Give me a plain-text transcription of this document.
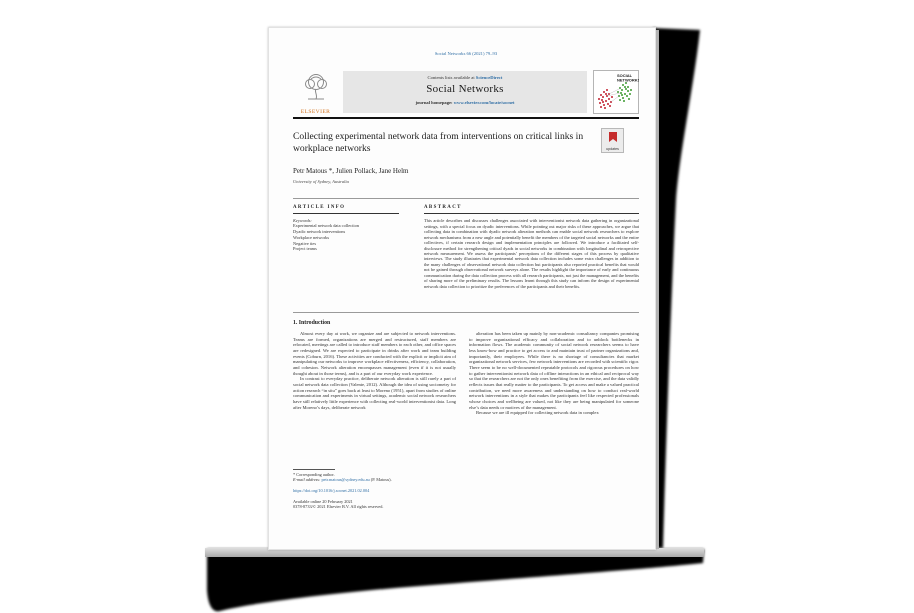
Social Networks 66 (2021) 79–93
ELSEVIER
Contents lists available at ScienceDirect
Social Networks
journal homepage: www.elsevier.com/locate/socnet
SOCIAL
NETWORKS
Collecting experimental network data from interventions on critical links in workplace networks	updates
Petr Matous *, Julien Pollack, Jane Helm
University of Sydney, Australia
ARTICLE INFO
Keywords:
Experimental network data collection
Dyadic network interventions
Workplace networks
Negative ties
Project teams
ABSTRACT
This article describes and discusses challenges associated with interventionist network data gathering in organizational settings, with a special focus on dyadic interventions. While pointing out major risks of these approaches, we argue that collecting data in combination with dyadic network alteration methods can enable social network researchers to explore network mechanisms from a new angle and potentially benefit the members of the targeted social networks and the entire collectives, if certain research design and implementation principles are followed. We introduce a facilitated self-disclosure method for strengthening critical dyads in social networks in combination with longitudinal and retrospective network measurement. We assess the participants’ perceptions of the different stages of this process by qualitative interviews. The study illustrates that experimental network data collection includes some extra challenges in addition to the many challenges of observational network data collection but participants also reported practical benefits that would not be gained through observational network surveys alone. The results highlight the importance of early and continuous communication during the data collection process with all research participants, not just the management, and the benefits of sharing more of the preliminary results. The lessons learnt through this study can inform the design of experimental network data collection to prioritize the preferences of the participants and their benefits.
1. Introduction

Almost every day at work, we organize and are subjected to network interventions. Teams are formed, organizations are merged and restructured, staff members are relocated, meetings are called to introduce staff members to each other, and office spaces are redesigned. We are expected to participate in drinks after work and team building events (Coburn, 2016). These activities are conducted with the explicit or implicit aim of manipulating our networks to improve workplace effectiveness, efficiency, collaboration, and cohesion. Network alteration encompasses management (even if it is not usually thought about in those terms), and is a part of our everyday work experience.

In contrast to everyday practice, deliberate network alteration is still rarely a part of social network data collection (Valente, 2012). Although the idea of using sociometry for action research “in situ” goes back at least to Moreno (1951), apart from studies of online communication and experiments in virtual settings, academic social network researchers have still relatively little experience with collecting real-world interventionist data. Long after Moreno’s days, deliberate network

alteration has been taken up mainly by non-academic consultancy companies promising to improve organizational efficacy and collaboration and to unblock bottlenecks in information flows. The academic community of social network researchers seems to have less know-how and practice to get access to and maintain trust of partner organizations and, importantly, their employees. While there is no shortage of consultancies that market organizational network services, few network interventions are recorded with scientific rigor. There seem to be no well-documented repeatable protocols and rigorous procedures on how to gather interventionist network data of offline interactions in an ethical and reciprocal way so that the researchers are not the only ones benefiting from the exercise, and the data validly reflects issues that really matter to the participants. To get access and make a valued practical contribution, we need more awareness and understanding on how to conduct real-world network interventions in a style that makes the participants feel like respected professionals whose choices and wellbeing are valued, not like they are being manipulated for someone else’s data needs or motives of the management.

Because we are ill equipped for collecting network data in complex

* Corresponding author.
E-mail address: petr.matous@sydney.edu.au (P. Matous).
https://doi.org/10.1016/j.socnet.2021.02.004
Available online 20 February 2021
0378-8733/© 2021 Elsevier B.V. All rights reserved.
